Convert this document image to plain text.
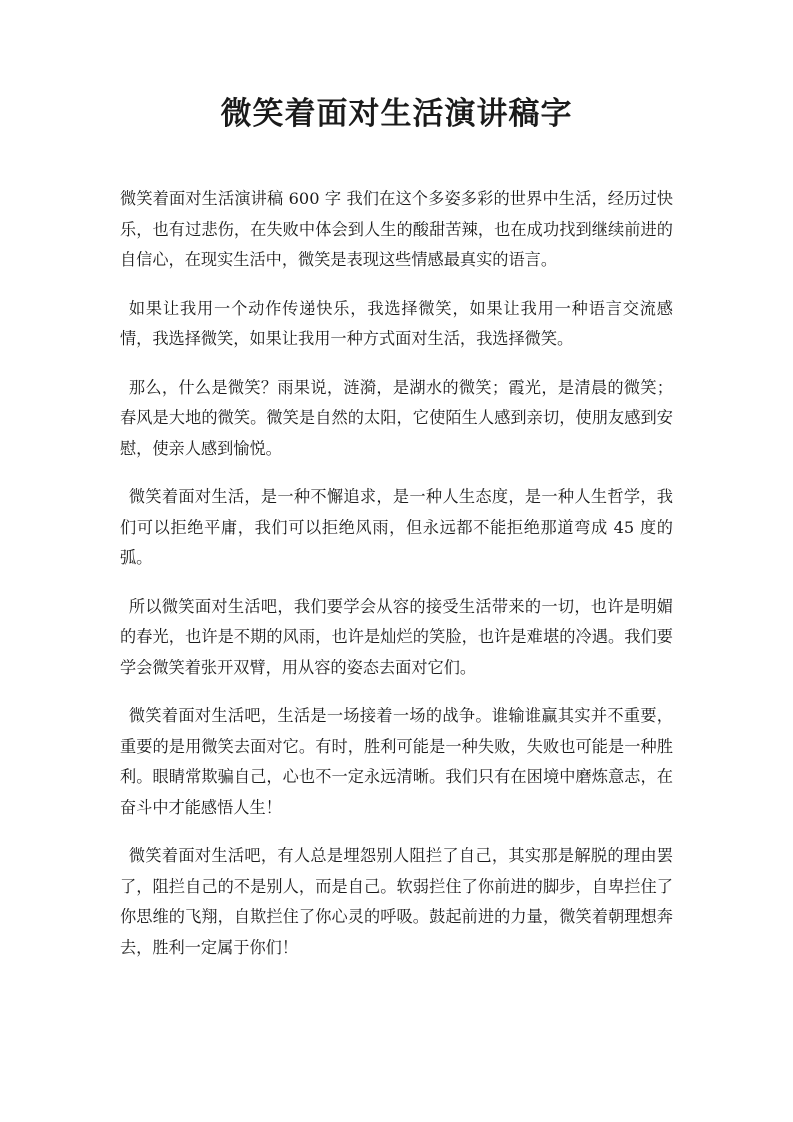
微笑着面对生活演讲稿字

微笑着面对生活演讲稿 600 字 我们在这个多姿多彩的世界中生活，经历过快乐，也有过悲伤，在失败中体会到人生的酸甜苦辣，也在成功找到继续前进的自信心，在现实生活中，微笑是表现这些情感最真实的语言。

如果让我用一个动作传递快乐，我选择微笑，如果让我用一种语言交流感情，我选择微笑，如果让我用一种方式面对生活，我选择微笑。

那么，什么是微笑？雨果说，涟漪，是湖水的微笑；霞光，是清晨的微笑；春风是大地的微笑。微笑是自然的太阳，它使陌生人感到亲切，使朋友感到安慰，使亲人感到愉悦。

微笑着面对生活，是一种不懈追求，是一种人生态度，是一种人生哲学，我们可以拒绝平庸，我们可以拒绝风雨，但永远都不能拒绝那道弯成 45 度的弧。

所以微笑面对生活吧，我们要学会从容的接受生活带来的一切，也许是明媚的春光，也许是不期的风雨，也许是灿烂的笑脸，也许是难堪的冷遇。我们要学会微笑着张开双臂，用从容的姿态去面对它们。

微笑着面对生活吧，生活是一场接着一场的战争。谁输谁赢其实并不重要，重要的是用微笑去面对它。有时，胜利可能是一种失败，失败也可能是一种胜利。眼睛常欺骗自己，心也不一定永远清晰。我们只有在困境中磨炼意志，在奋斗中才能感悟人生！

微笑着面对生活吧，有人总是埋怨别人阻拦了自己，其实那是解脱的理由罢了，阻拦自己的不是别人，而是自己。软弱拦住了你前进的脚步，自卑拦住了你思维的飞翔，自欺拦住了你心灵的呼吸。鼓起前进的力量，微笑着朝理想奔去，胜利一定属于你们！
